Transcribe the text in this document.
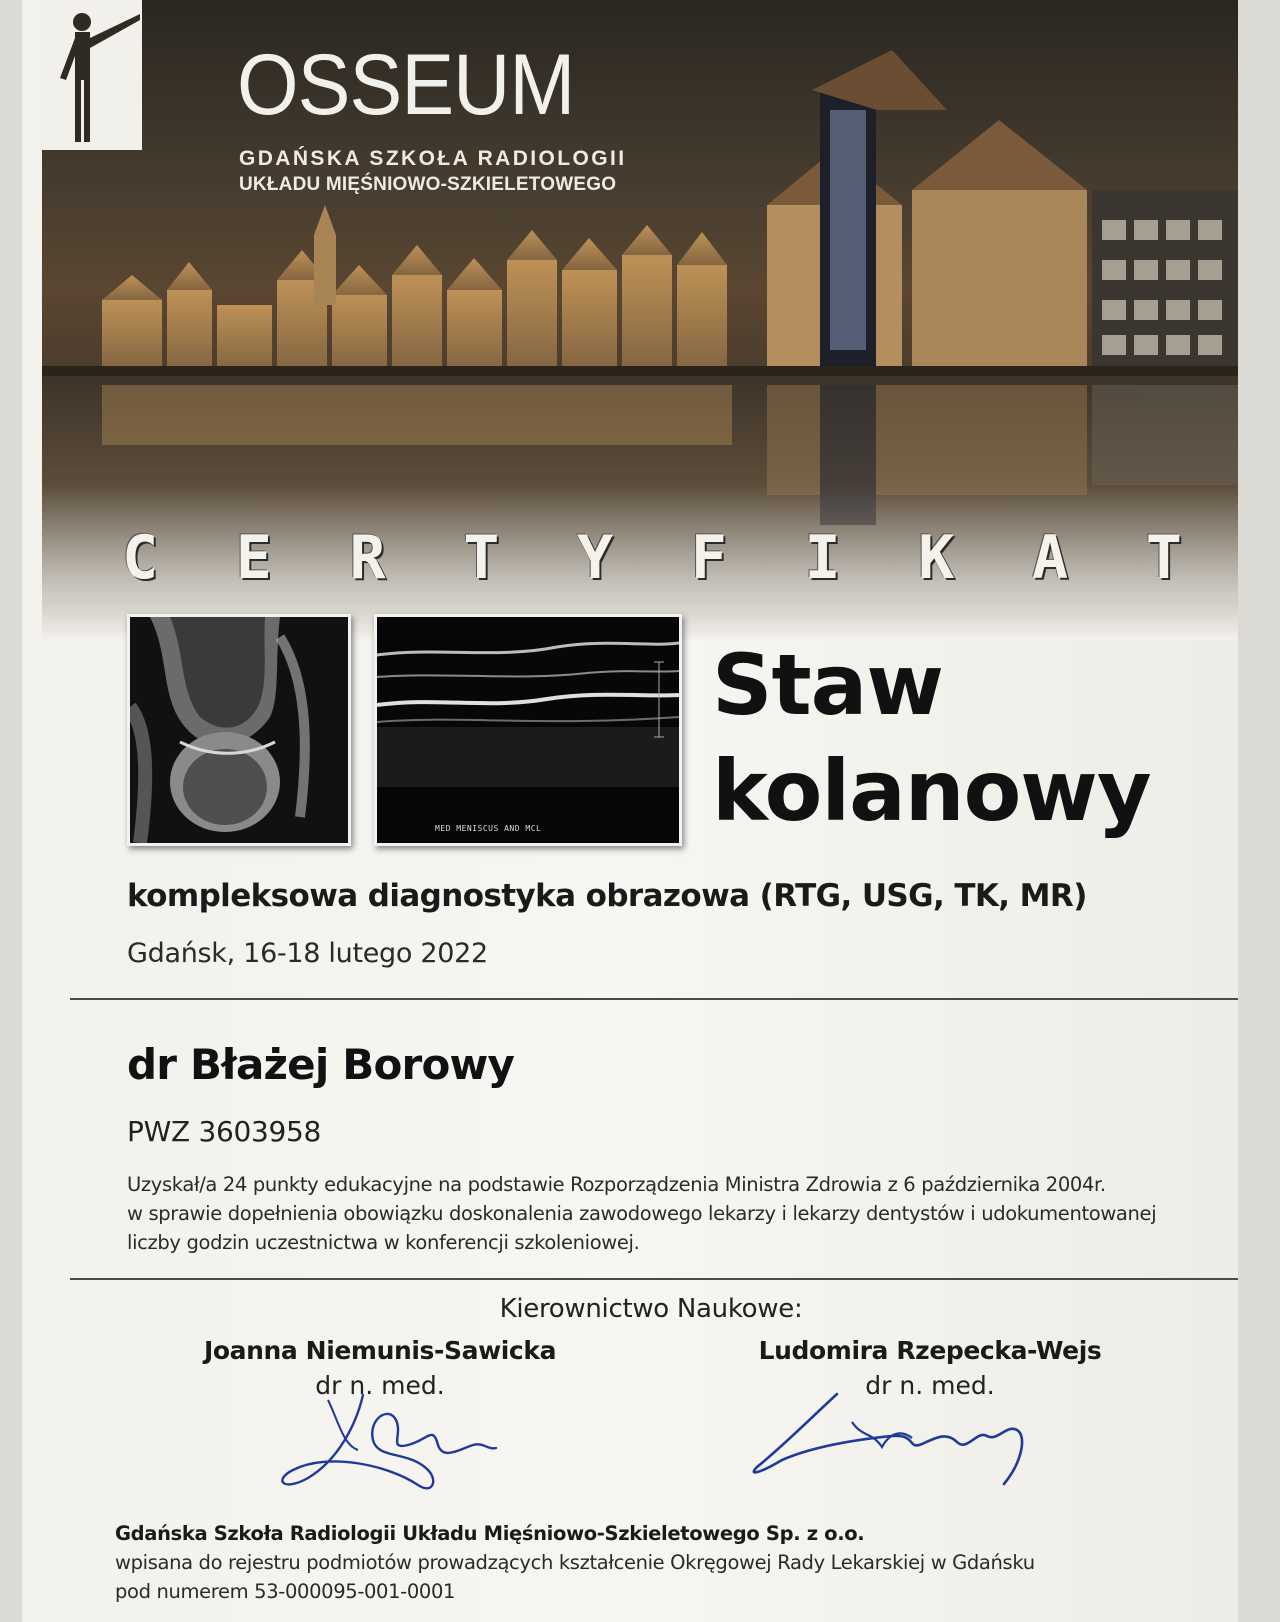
OSSEUM
GDAŃSKA SZKOŁA RADIOLOGII
UKŁADU MIĘŚNIOWO-SZKIELETOWEGO
C E R T Y F I K A T
MED MENISCUS AND MCL
Staw
kolanowy
kompleksowa diagnostyka obrazowa (RTG, USG, TK, MR)
Gdańsk, 16-18 lutego 2022
dr Błażej Borowy
PWZ 3603958
Uzyskał/a 24 punkty edukacyjne na podstawie Rozporządzenia Ministra Zdrowia z 6 października 2004r.
w sprawie dopełnienia obowiązku doskonalenia zawodowego lekarzy i lekarzy dentystów i udokumentowanej
liczby godzin uczestnictwa w konferencji szkoleniowej.
Kierownictwo Naukowe:
Joanna Niemunis-Sawicka
dr n. med.
Ludomira Rzepecka-Wejs
dr n. med.
Gdańska Szkoła Radiologii Układu Mięśniowo-Szkieletowego Sp. z o.o.
wpisana do rejestru podmiotów prowadzących kształcenie Okręgowej Rady Lekarskiej w Gdańsku
pod numerem 53-000095-001-0001
